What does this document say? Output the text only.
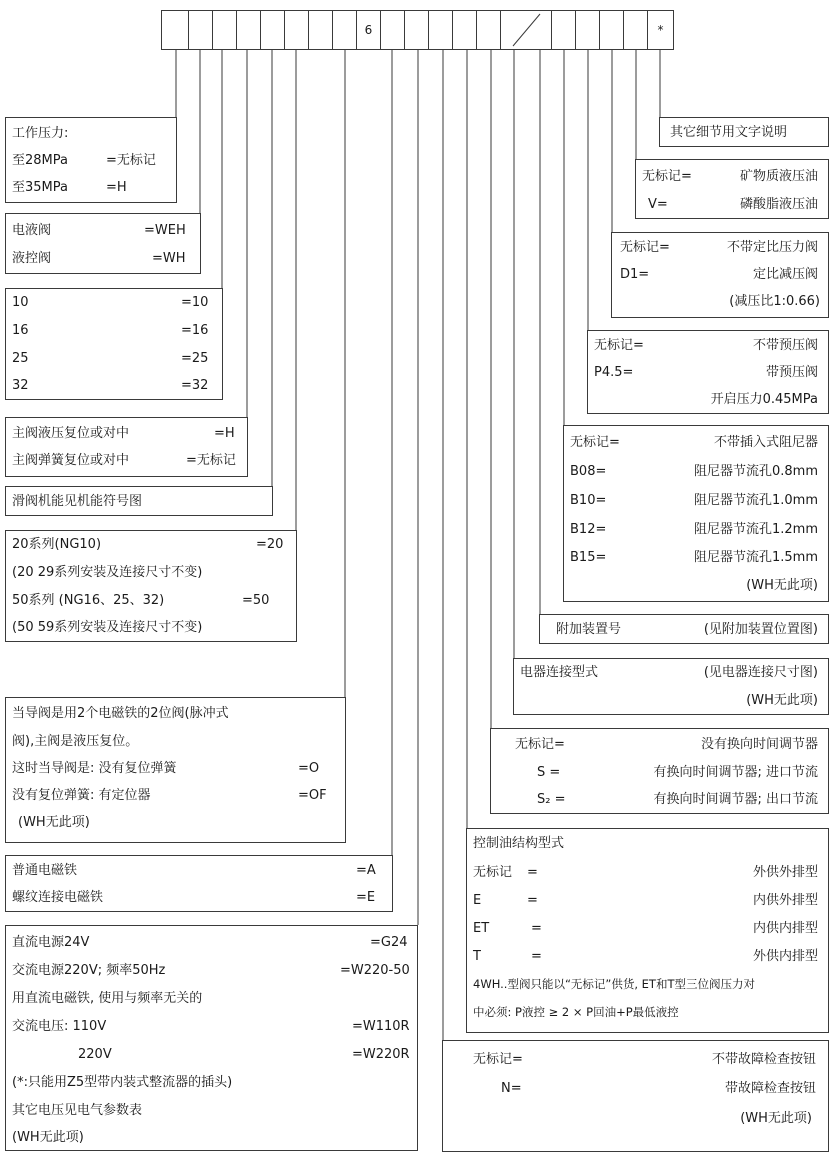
6	*
工作压力:
至28MPa	=无标记
至35MPa	=H
电液阀	=WEH
液控阀	=WH
10	=10
16	=16
25	=25
32	=32
主阀液压复位或对中	=H
主阀弹簧复位或对中	=无标记
滑阀机能见机能符号图
20系列(NG10)	=20
(20 29系列安装及连接尺寸不变)
50系列 (NG16、25、32)	=50
(50 59系列安装及连接尺寸不变)
当导阀是用2个电磁铁的2位阀(脉冲式
阀),主阀是液压复位。
这时当导阀是: 没有复位弹簧	=O
没有复位弹簧: 有定位器	=OF
(WH无此项)
普通电磁铁	=A
螺纹连接电磁铁	=E
直流电源24V	=G24
交流电源220V; 频率50Hz	=W220-50
用直流电磁铁, 使用与频率无关的
交流电压: 110V	=W110R
220V	=W220R
(*:只能用Z5型带内装式整流器的插头)
其它电压见电气参数表
(WH无此项)
其它细节用文字说明
无标记=	矿物质液压油
V=	磷酸脂液压油
无标记=	不带定比压力阀
D1=	定比减压阀
(减压比1:0.66)
无标记=	不带预压阀
P4.5=	带预压阀
开启压力0.45MPa
无标记=	不带插入式阻尼器
B08=	阻尼器节流孔0.8mm
B10=	阻尼器节流孔1.0mm
B12=	阻尼器节流孔1.2mm
B15=	阻尼器节流孔1.5mm
(WH无此项)
附加装置号	(见附加装置位置图)
电器连接型式	(见电器连接尺寸图)
(WH无此项)
无标记=	没有换向时间调节器
S =	有换向时间调节器; 进口节流
S₂ =	有换向时间调节器; 出口节流
控制油结构型式
无标记 =	外供外排型
E	=	内供外排型
ET	=	内供内排型
T	=	外供内排型
4WH..型阀只能以“无标记”供货, ET和T型三位阀压力对
中必须: P液控 ≥ 2 × P回油+P最低液控
无标记=	不带故障检查按钮
N=	带故障检查按钮
(WH无此项)
